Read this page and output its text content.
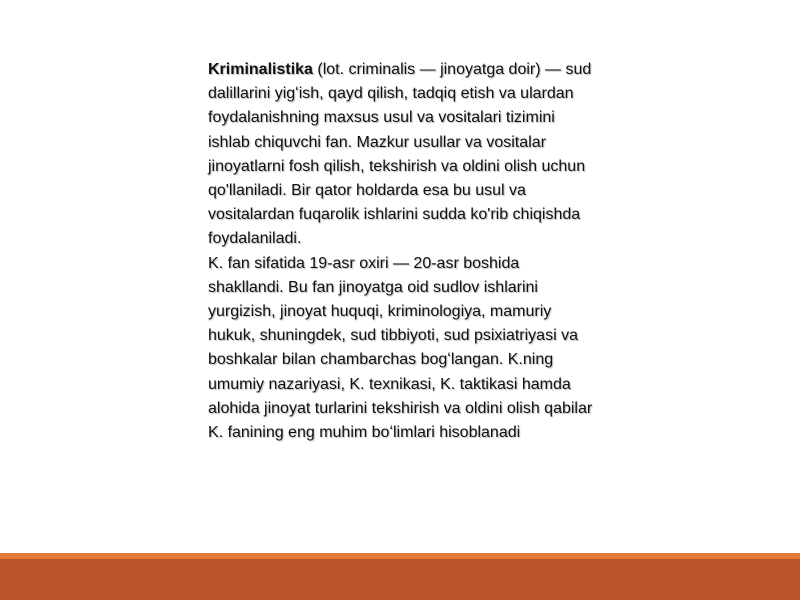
Kriminalistika (lot. criminalis — jinoyatga doir) — sud dalillarini yigʻish, qayd qilish, tadqiq etish va ulardan foydalanishning maxsus usul va vositalari tizimini ishlab chiquvchi fan. Mazkur usullar va vositalar jinoyatlarni fosh qilish, tekshirish va oldini olish uchun qo'llaniladi. Bir qator holdarda esa bu usul va vositalardan fuqarolik ishlarini sudda ko'rib chiqishda foydalaniladi.

K. fan sifatida 19-asr oxiri — 20-asr boshida shakllandi. Bu fan jinoyatga oid sudlov ishlarini yurgizish, jinoyat huquqi, kriminologiya, mamuriy hukuk, shuningdek, sud tibbiyoti, sud psixiatriyasi va boshkalar bilan chambarchas bogʻlangan. K.ning umumiy nazariyasi, K. texnikasi, K. taktikasi hamda alohida jinoyat turlarini tekshirish va oldini olish qabilar K. fanining eng muhim boʻlimlari hisoblanadi
